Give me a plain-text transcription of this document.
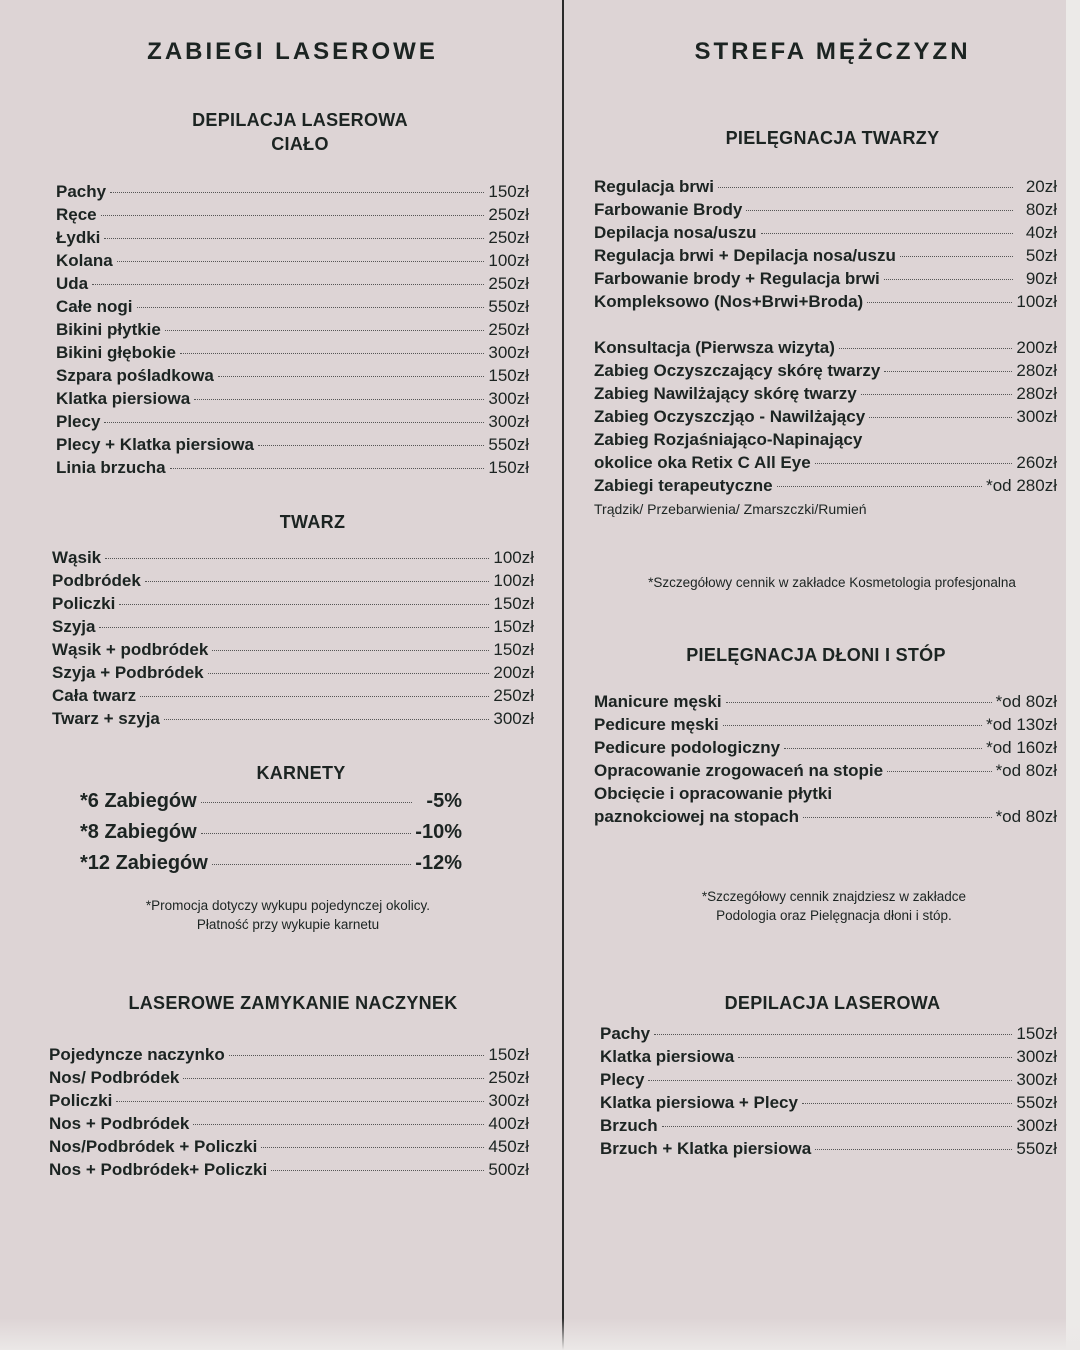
ZABIEGI LASEROWE
DEPILACJA LASEROWA
CIAŁO
Pachy	150zł
Ręce	250zł
Łydki	250zł
Kolana	100zł
Uda	250zł
Całe nogi	550zł
Bikini płytkie	250zł
Bikini głębokie	300zł
Szpara pośladkowa	150zł
Klatka piersiowa	300zł
Plecy	300zł
Plecy + Klatka piersiowa	550zł
Linia brzucha	150zł
TWARZ
Wąsik	100zł
Podbródek	100zł
Policzki	150zł
Szyja	150zł
Wąsik + podbródek	150zł
Szyja + Podbródek	200zł
Cała twarz	250zł
Twarz + szyja	300zł
KARNETY
*6 Zabiegów	-5%
*8 Zabiegów	-10%
*12 Zabiegów	-12%
*Promocja dotyczy wykupu pojedynczej okolicy.
Płatność przy wykupie karnetu
LASEROWE ZAMYKANIE NACZYNEK
Pojedyncze naczynko	150zł
Nos/ Podbródek	250zł
Policzki	300zł
Nos + Podbródek	400zł
Nos/Podbródek + Policzki	450zł
Nos + Podbródek+ Policzki	500zł
STREFA MĘŻCZYZN
PIELĘGNACJA TWARZY
Regulacja brwi	20zł
Farbowanie Brody	80zł
Depilacja nosa/uszu	40zł
Regulacja brwi + Depilacja nosa/uszu	50zł
Farbowanie brody + Regulacja brwi	90zł
Kompleksowo (Nos+Brwi+Broda)	100zł
Konsultacja (Pierwsza wizyta)	200zł
Zabieg Oczyszczający skórę twarzy	280zł
Zabieg Nawilżający skórę twarzy	280zł
Zabieg Oczyszczjąo - Nawilżający	300zł
Zabieg Rozjaśniająco-Napinający
okolice oka Retix C All Eye	260zł
Zabiegi terapeutyczne	*od 280zł
Trądzik/ Przebarwienia/ Zmarszczki/Rumień
*Szczegółowy cennik w zakładce Kosmetologia profesjonalna
PIELĘGNACJA DŁONI I STÓP
Manicure męski	*od 80zł
Pedicure męski	*od 130zł
Pedicure podologiczny	*od 160zł
Opracowanie zrogowaceń na stopie	*od 80zł
Obcięcie i opracowanie płytki
paznokciowej na stopach	*od 80zł
*Szczegółowy cennik znajdziesz w zakładce
Podologia oraz Pielęgnacja dłoni i stóp.
DEPILACJA LASEROWA
Pachy	150zł
Klatka piersiowa	300zł
Plecy	300zł
Klatka piersiowa + Plecy	550zł
Brzuch	300zł
Brzuch + Klatka piersiowa	550zł
